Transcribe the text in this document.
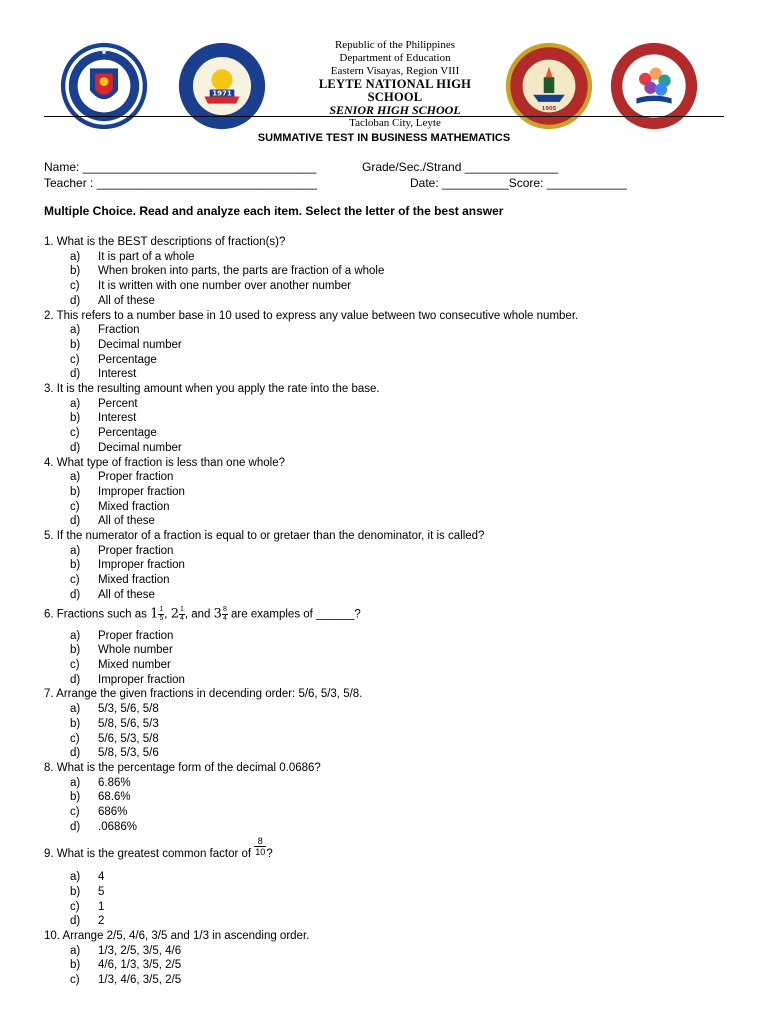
★
1971
Republic of the Philippines
Department of Education
Eastern Visayas, Region VIII
LEYTE NATIONAL HIGH SCHOOL
SENIOR HIGH SCHOOL
Tacloban City, Leyte
1905
SUMMATIVE TEST IN BUSINESS MATHEMATICS
Name: ___________________________________	Grade/Sec./Strand ______________
Teacher : _________________________________	Date: __________Score: ____________
Multiple Choice. Read and analyze each item. Select the letter of the best answer
1. What is the BEST descriptions of fraction(s)?
a)	It is part of a whole
b)	When broken into parts, the parts are fraction of a whole
c)	It is written with one number over another number
d)	All of these
2. This refers to a number base in 10 used to express any value between two consecutive whole number.
a)	Fraction
b)	Decimal number
c)	Percentage
d)	Interest
3. It is the resulting amount when you apply the rate into the base.
a)	Percent
b)	Interest
c)	Percentage
d)	Decimal number
4. What type of fraction is less than one whole?
a)	Proper fraction
b)	Improper fraction
c)	Mixed fraction
d)	All of these
5. If the numerator of a fraction is equal to or gretaer than the denominator, it is called?
a)	Proper fraction
b)	Improper fraction
c)	Mixed fraction
d)	All of these
6. Fractions such as $1 \frac{1}{5}$ , $2 \frac{1}{4}$ , and $3 \frac{8}{4}$ are examples of ______?
a)	Proper fraction
b)	Whole number
c)	Mixed number
d)	Improper fraction
7. Arrange the given fractions in decending order: 5/6, 5/3, 5/8.
a)	5/3, 5/6, 5/8
b)	5/8, 5/6, 5/3
c)	5/6, 5/3, 5/8
d)	5/8, 5/3, 5/6
8. What is the percentage form of the decimal 0.0686?
a)	6.86%
b)	68.6%
c)	686%
d)	.0686%
9. What is the greatest common factor of $\frac{8}{10}$ ?
a)	4
b)	5
c)	1
d)	2
10. Arrange 2/5, 4/6, 3/5 and 1/3 in ascending order.
a)	1/3, 2/5, 3/5, 4/6
b)	4/6, 1/3, 3/5, 2/5
c)	1/3, 4/6, 3/5, 2/5
